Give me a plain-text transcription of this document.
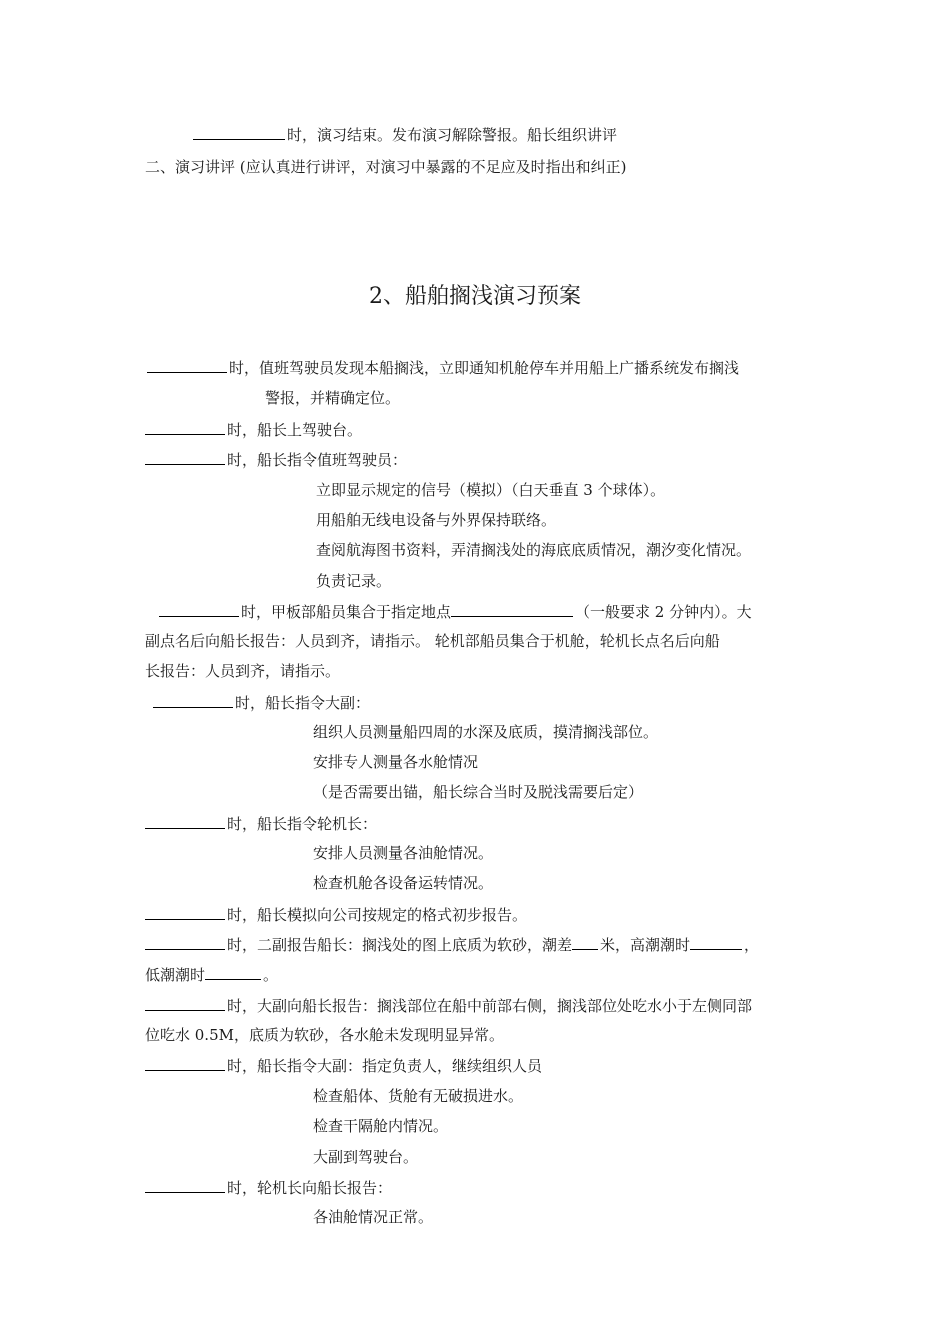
时，演习结束。发布演习解除警报。船长组织讲评
二、演习讲评 (应认真进行讲评，对演习中暴露的不足应及时指出和纠正)
2、船舶搁浅演习预案
时，值班驾驶员发现本船搁浅，立即通知机舱停车并用船上广播系统发布搁浅
警报，并精确定位。
时，船长上驾驶台。
时，船长指令值班驾驶员：
立即显示规定的信号（模拟）（白天垂直 3 个球体）。
用船舶无线电设备与外界保持联络。
查阅航海图书资料，弄清搁浅处的海底底质情况，潮汐变化情况。
负责记录。
时，甲板部船员集合于指定地点	（一般要求 2 分钟内）。大
副点名后向船长报告：人员到齐，请指示。 轮机部船员集合于机舱，轮机长点名后向船
长报告：人员到齐，请指示。
时，船长指令大副：
组织人员测量船四周的水深及底质，摸清搁浅部位。
安排专人测量各水舱情况
（是否需要出锚，船长综合当时及脱浅需要后定）
时，船长指令轮机长：
安排人员测量各油舱情况。
检查机舱各设备运转情况。
时，船长模拟向公司按规定的格式初步报告。
时，二副报告船长：搁浅处的图上底质为软砂，潮差 米，高潮潮时	，
低潮潮时	。
时，大副向船长报告：搁浅部位在船中前部右侧，搁浅部位处吃水小于左侧同部
位吃水 0.5M，底质为软砂，各水舱未发现明显异常。
时，船长指令大副：指定负责人，继续组织人员
检查船体、货舱有无破损进水。
检查干隔舱内情况。
大副到驾驶台。
时，轮机长向船长报告：
各油舱情况正常。
